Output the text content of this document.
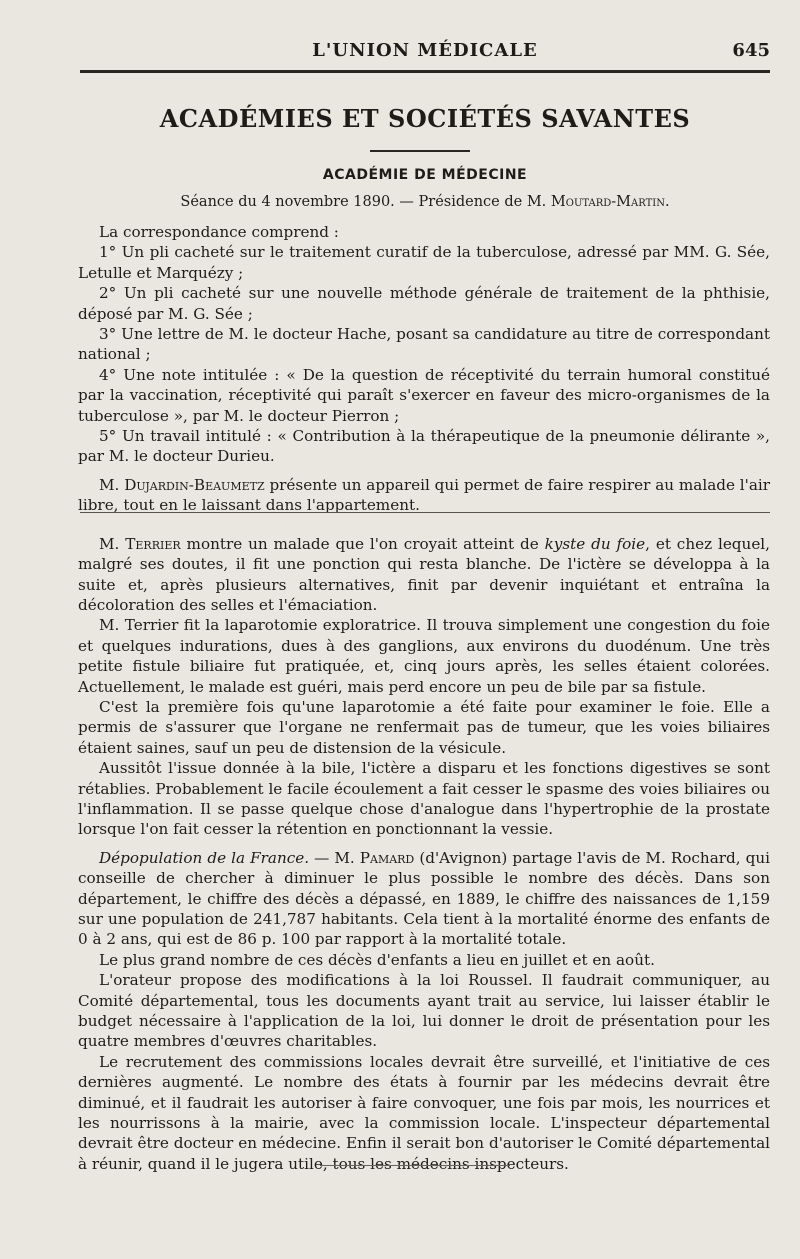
L'UNION MÉDICALE	645
ACADÉMIES ET SOCIÉTÉS SAVANTES
ACADÉMIE DE MÉDECINE
Séance du 4 novembre 1890. — Présidence de M. Moutard-Martin.

La correspondance comprend :

1° Un pli cacheté sur le traitement curatif de la tuberculose, adressé par MM. G. Sée, Letulle et Marquézy ;

2° Un pli cacheté sur une nouvelle méthode générale de traitement de la phthisie, déposé par M. G. Sée ;

3° Une lettre de M. le docteur Hache, posant sa candidature au titre de correspondant national ;

4° Une note intitulée : « De la question de réceptivité du terrain humoral constitué par la vaccination, réceptivité qui paraît s'exercer en faveur des micro-organismes de la tuberculose », par M. le docteur Pierron ;

5° Un travail intitulé : « Contribution à la thérapeutique de la pneumonie délirante », par M. le docteur Durieu.

M. Dujardin-Beaumetz présente un appareil qui permet de faire respirer au malade l'air libre, tout en le laissant dans l'appartement.

M. Terrier montre un malade que l'on croyait atteint de kyste du foie, et chez lequel, malgré ses doutes, il fit une ponction qui resta blanche. De l'ictère se développa à la suite et, après plusieurs alternatives, finit par devenir inquiétant et entraîna la décoloration des selles et l'émaciation.

M. Terrier fit la laparotomie exploratrice. Il trouva simplement une congestion du foie et quelques indurations, dues à des ganglions, aux environs du duodénum. Une très petite fistule biliaire fut pratiquée, et, cinq jours après, les selles étaient colorées. Actuellement, le malade est guéri, mais perd encore un peu de bile par sa fistule.

C'est la première fois qu'une laparotomie a été faite pour examiner le foie. Elle a permis de s'assurer que l'organe ne renfermait pas de tumeur, que les voies biliaires étaient saines, sauf un peu de distension de la vésicule.

Aussitôt l'issue donnée à la bile, l'ictère a disparu et les fonctions digestives se sont rétablies. Probablement le facile écoulement a fait cesser le spasme des voies biliaires ou l'inflammation. Il se passe quelque chose d'analogue dans l'hypertrophie de la prostate lorsque l'on fait cesser la rétention en ponctionnant la vessie.

Dépopulation de la France. — M. Pamard (d'Avignon) partage l'avis de M. Rochard, qui conseille de chercher à diminuer le plus possible le nombre des décès. Dans son département, le chiffre des décès a dépassé, en 1889, le chiffre des naissances de 1,159 sur une population de 241,787 habitants. Cela tient à la mortalité énorme des enfants de 0 à 2 ans, qui est de 86 p. 100 par rapport à la mortalité totale.

Le plus grand nombre de ces décès d'enfants a lieu en juillet et en août.

L'orateur propose des modifications à la loi Roussel. Il faudrait communiquer, au Comité départemental, tous les documents ayant trait au service, lui laisser établir le budget nécessaire à l'application de la loi, lui donner le droit de présentation pour les quatre membres d'œuvres charitables.

Le recrutement des commissions locales devrait être surveillé, et l'initiative de ces dernières augmenté. Le nombre des états à fournir par les médecins devrait être diminué, et il faudrait les autoriser à faire convoquer, une fois par mois, les nourrices et les nourrissons à la mairie, avec la commission locale. L'inspecteur départemental devrait être docteur en médecine. Enfin il serait bon d'autoriser le Comité départemental à réunir, quand il le jugera utile, tous les médecins inspecteurs.
